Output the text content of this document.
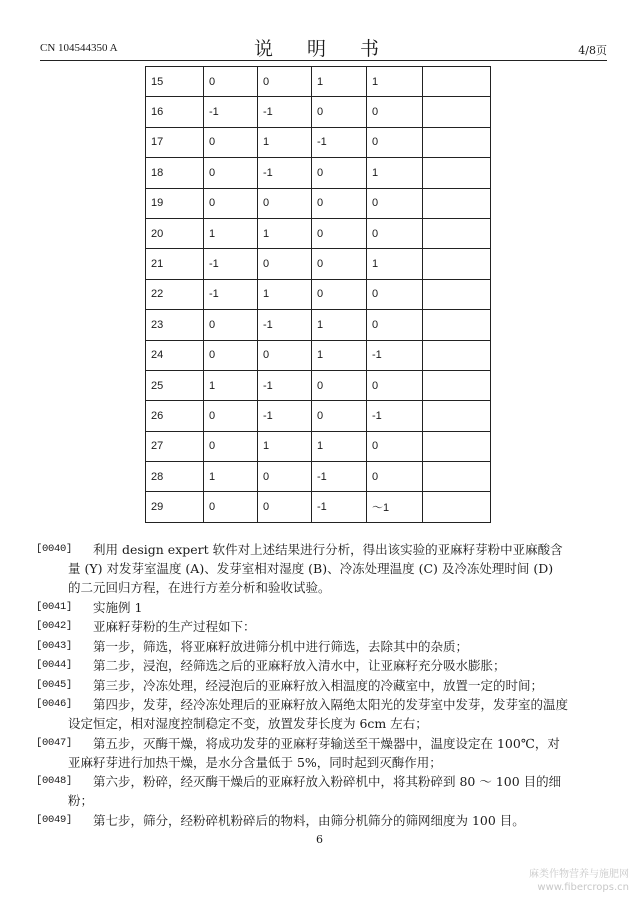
CN 104544350 A	说 明 书	4/8页
15	0	0	1	1	
16	-1	-1	0	0	
17	0	1	-1	0	
18	0	-1	0	1	
19	0	0	0	0	
20	1	1	0	0	
21	-1	0	0	1	
22	-1	1	0	0	
23	0	-1	1	0	
24	0	0	1	-1	
25	1	-1	0	0	
26	0	-1	0	-1	
27	0	1	1	0	
28	1	0	-1	0	
29	0	0	-1	～1	
[0040]	利用 design expert 软件对上述结果进行分析，得出该实验的亚麻籽芽粉中亚麻酸含量 (Y) 对发芽室温度 (A)、发芽室相对湿度 (B)、冷冻处理温度 (C) 及冷冻处理时间 (D) 的二元回归方程，在进行方差分析和验收试验。
[0041]	实施例 1
[0042]	亚麻籽芽粉的生产过程如下：
[0043]	第一步，筛选，将亚麻籽放进筛分机中进行筛选，去除其中的杂质；
[0044]	第二步，浸泡，经筛选之后的亚麻籽放入清水中，让亚麻籽充分吸水膨胀；
[0045]	第三步，冷冻处理，经浸泡后的亚麻籽放入相温度的冷藏室中，放置一定的时间；
[0046]	第四步，发芽，经冷冻处理后的亚麻籽放入隔绝太阳光的发芽室中发芽，发芽室的温度设定恒定，相对湿度控制稳定不变，放置发芽长度为 6cm 左右；
[0047]	第五步，灭酶干燥，将成功发芽的亚麻籽芽输送至干燥器中，温度设定在 100℃，对亚麻籽芽进行加热干燥，是水分含量低于 5%，同时起到灭酶作用；
[0048]	第六步，粉碎，经灭酶干燥后的亚麻籽放入粉碎机中，将其粉碎到 80 ～ 100 目的细粉；
[0049]	第七步，筛分，经粉碎机粉碎后的物料，由筛分机筛分的筛网细度为 100 目。
6
麻类作物营养与施肥网
www.fibercrops.cn
